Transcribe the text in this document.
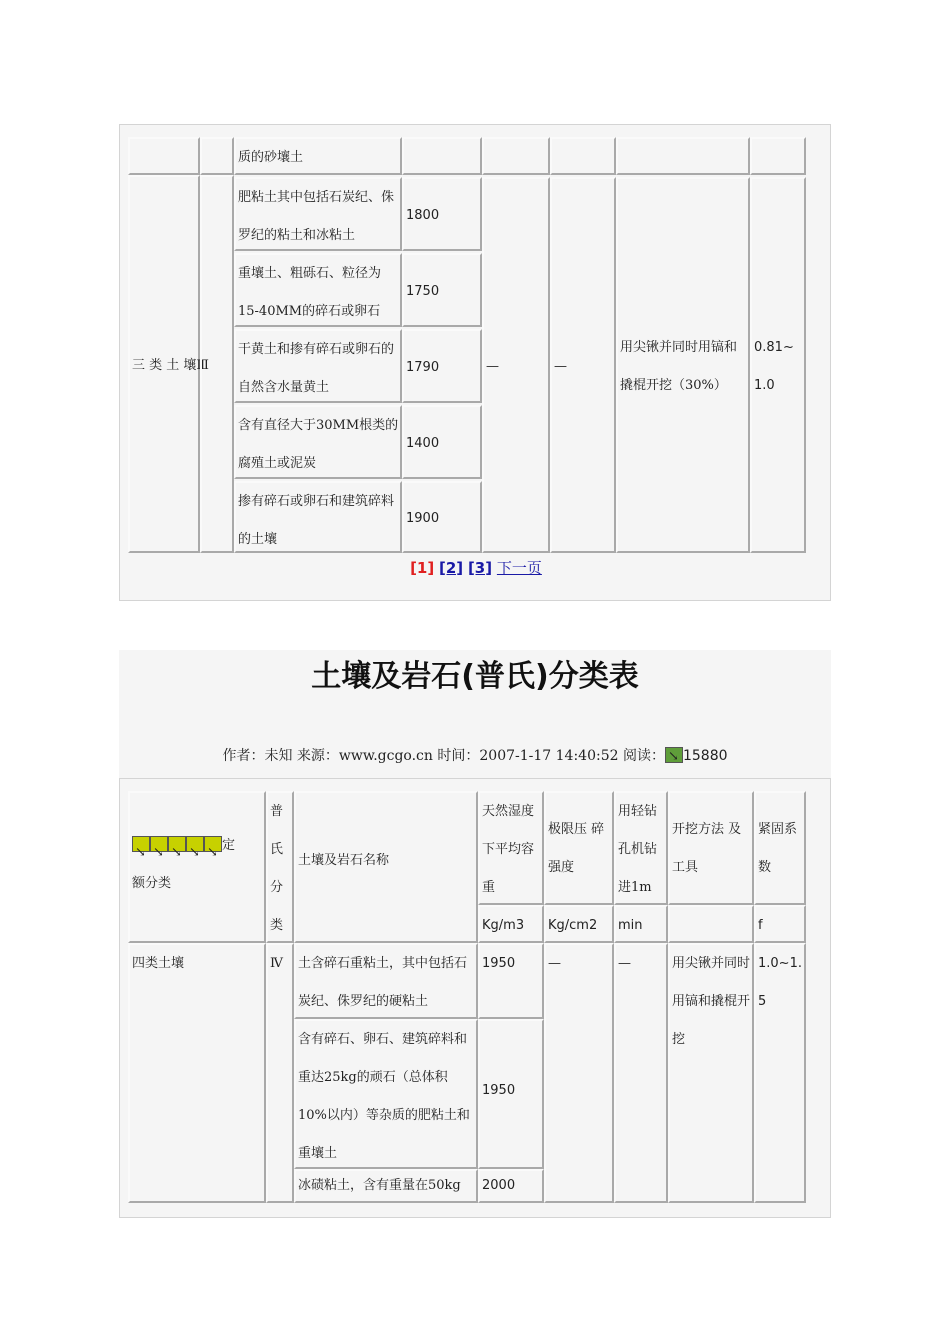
质的砂壤土
三 类 土 壤Ⅲ
肥粘土其中包括石炭纪、侏罗纪的粘土和冰粘土
1800
重壤土、粗砾石、粒径为15-40MM的碎石或卵石
1750
干黄土和掺有碎石或卵石的自然含水量黄土
1790
含有直径大于30MM根类的腐殖土或泥炭
1400
掺有碎石或卵石和建筑碎料的土壤
1900
—	—
用尖锹并同时用镐和撬棍开挖（30%）
0.81~1.0
[1] [2] [3] 下一页
土壤及岩石(普氏)分类表
作者：未知 来源：www.gcgo.cn 时间：2007-1-17 14:40:52 阅读：↘ 15880
↘↘↘↘↘定
额分类
普氏分类
土壤及岩石名称
天然湿度下平均容重
极限压 碎强度
用轻钻孔机钻进1m
开挖方法 及工具
紧固系数
Kg/m3	Kg/cm2	min	f
四类土壤	Ⅳ	土含碎石重粘土，其中包括石炭纪、侏罗纪的硬粘土
1950
含有碎石、卵石、建筑碎料和重达25kg的顽石（总体积10%以内）等杂质的肥粘土和重壤土
1950
冰碛粘土，含有重量在50kg	2000
—	—	用尖锹并同时用镐和撬棍开挖
1.0~1.5
